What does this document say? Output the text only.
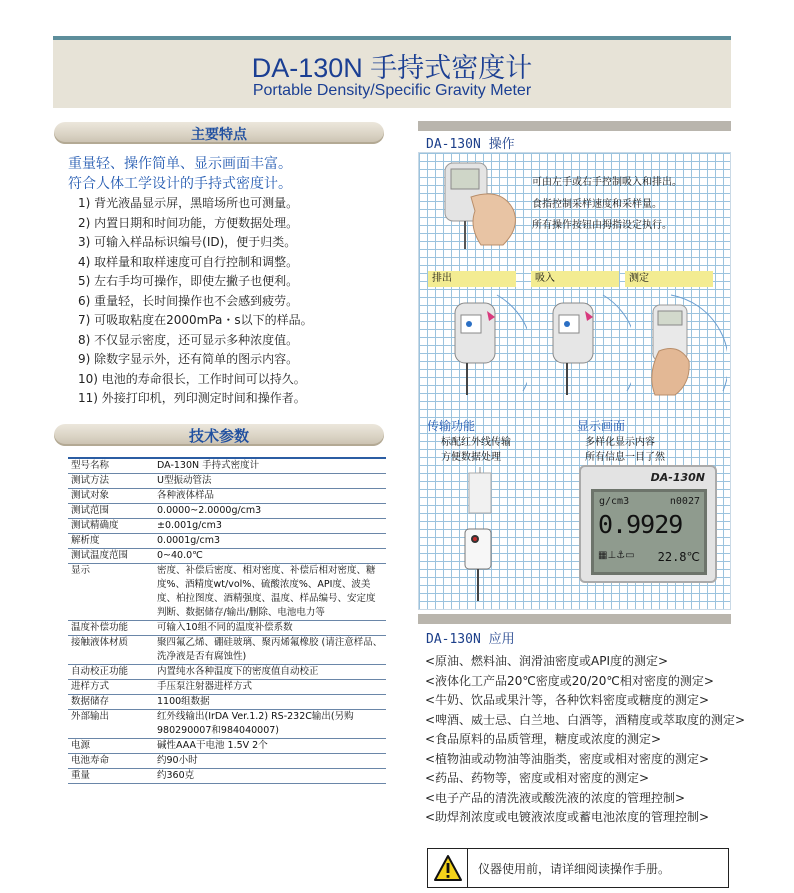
DA-130N 手持式密度计
Portable Density/Specific Gravity Meter
主要特点
重量轻、操作简单、显示画面丰富。
符合人体工学设计的手持式密度计。
1) 背光液晶显示屏，黑暗场所也可测量。
2) 内置日期和时间功能，方便数据处理。
3) 可输入样品标识编号(ID)，便于归类。
4) 取样量和取样速度可自行控制和调整。
5) 左右手均可操作，即使左撇子也便利。
6) 重量轻，长时间操作也不会感到疲劳。
7) 可吸取粘度在2000mPa・s以下的样品。
8) 不仅显示密度，还可显示多种浓度值。
9) 除数字显示外，还有简单的图示内容。
10) 电池的寿命很长，工作时间可以持久。
11) 外接打印机，列印测定时间和操作者。
技术参数
型号名称	DA-130N 手持式密度计
测试方法	U型振动管法
测试对象	各种液体样品
测试范围	0.0000~2.0000g/cm3
测试精确度	±0.001g/cm3
解析度	0.0001g/cm3
测试温度范围	0~40.0℃
显示	密度、补偿后密度、相对密度、补偿后相对密度、糖度%、酒精度wt/vol%、硫酸浓度%、API度、波美度、柏拉图度、酒精强度、温度、样品编号、安定度判断、数据储存/输出/删除、电池电力等
温度补偿功能	可输入10组不同的温度补偿系数
接触液体材质	聚四氟乙烯、硼硅玻璃、聚丙烯氟橡胶 (请注意样品、洗净液是否有腐蚀性)
自动校正功能	内置纯水各种温度下的密度值自动校正
进样方式	手压泵注射器进样方式
数据储存	1100组数据
外部输出	红外线输出(IrDA Ver.1.2) RS-232C输出(另购980290007和984040007)
电源	碱性AAA干电池 1.5V 2个
电池寿命	约90小时
重量	约360克
DA-130N 操作
可由左手或右手控制吸入和排出。
食指控制采样速度和采样量。
所有操作按钮由拇指设定执行。
排出	吸入	测定
传输功能
标配红外线传输
方便数据处理
显示画面
多样化显示内容
所有信息一目了然
DA-130N
g/cm3	n0027
0.9929
▦⊥⚓▭ 22.8℃
DA-130N 应用
<原油、燃料油、润滑油密度或API度的测定>
<液体化工产品20℃密度或20/20℃相对密度的测定>
<牛奶、饮品或果汁等，各种饮料密度或糖度的测定>
<啤酒、威士忌、白兰地、白酒等，酒精度或萃取度的测定>
<食品原料的品质管理，糖度或浓度的测定>
<植物油或动物油等油脂类，密度或相对密度的测定>
<药品、药物等，密度或相对密度的测定>
<电子产品的清洗液或酸洗液的浓度的管理控制>
<助焊剂浓度或电镀液浓度或蓄电池浓度的管理控制>
仪器使用前，请详细阅读操作手册。
